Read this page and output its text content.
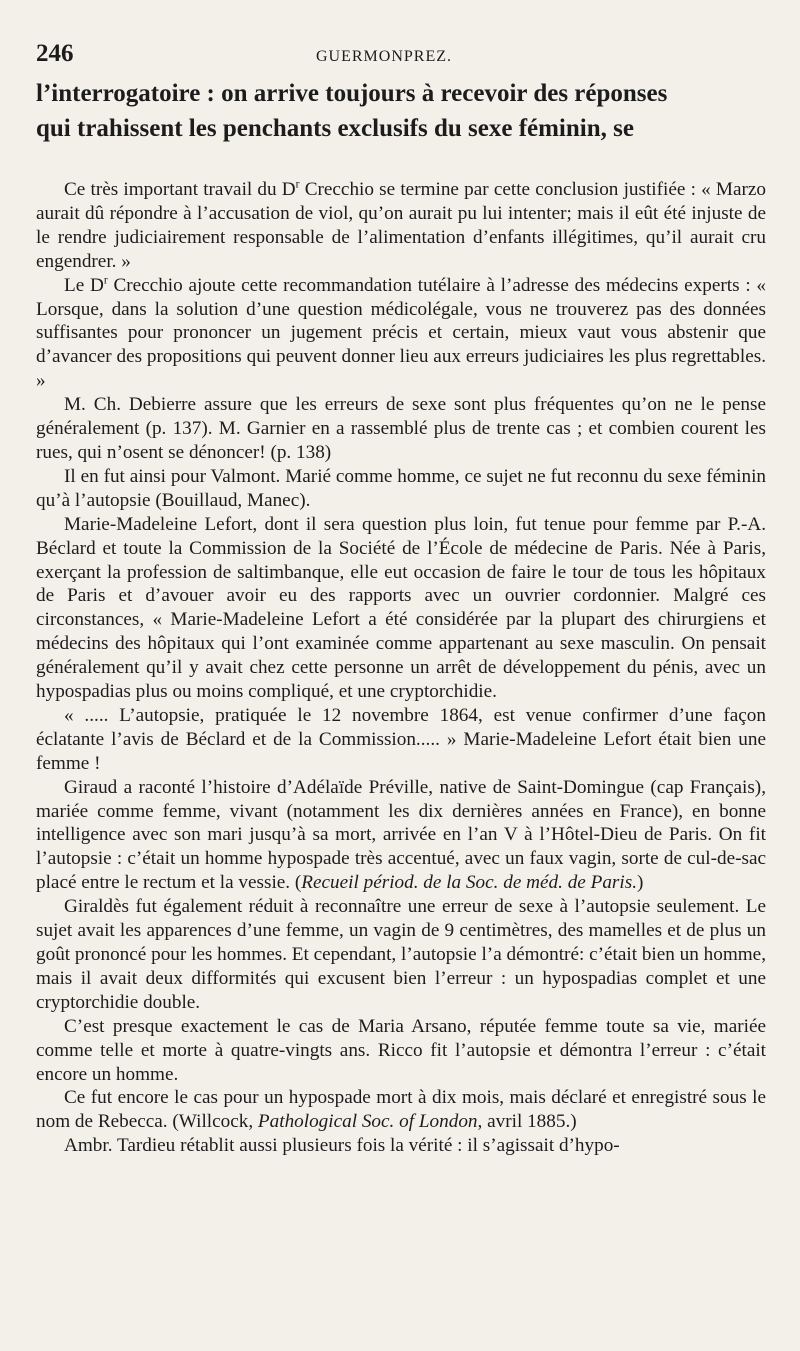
246	GUERMONPREZ.

l’interrogatoire : on arrive toujours à recevoir des réponses

qui trahissent les penchants exclusifs du sexe féminin, se

Ce très important travail du $D^r$ Crecchio se termine par cette conclusion justifiée : « Marzo aurait dû répondre à l’accusation de viol, qu’on aurait pu lui intenter; mais il eût été injuste de le rendre judiciairement responsable de l’alimentation d’enfants illégitimes, qu’il aurait cru engendrer. »

Le $D^r$ Crecchio ajoute cette recommandation tutélaire à l’adresse des médecins experts : « Lorsque, dans la solution d’une question médicolégale, vous ne trouverez pas des données suffisantes pour prononcer un jugement précis et certain, mieux vaut vous abstenir que d’avancer des propositions qui peuvent donner lieu aux erreurs judiciaires les plus regrettables. »

M. Ch. Debierre assure que les erreurs de sexe sont plus fréquentes qu’on ne le pense généralement (p. 137). M. Garnier en a rassemblé plus de trente cas ; et combien courent les rues, qui n’osent se dénoncer! (p. 138)

Il en fut ainsi pour Valmont. Marié comme homme, ce sujet ne fut reconnu du sexe féminin qu’à l’autopsie (Bouillaud, Manec).

Marie-Madeleine Lefort, dont il sera question plus loin, fut tenue pour femme par P.-A. Béclard et toute la Commission de la Société de l’École de médecine de Paris. Née à Paris, exerçant la profession de saltimbanque, elle eut occasion de faire le tour de tous les hôpitaux de Paris et d’avouer avoir eu des rapports avec un ouvrier cordonnier. Malgré ces circonstances, « Marie-Madeleine Lefort a été considérée par la plupart des chirurgiens et médecins des hôpitaux qui l’ont examinée comme appartenant au sexe masculin. On pensait généralement qu’il y avait chez cette personne un arrêt de développement du pénis, avec un hypospadias plus ou moins compliqué, et une cryptorchidie.

« ..... L’autopsie, pratiquée le 12 novembre 1864, est venue confirmer d’une façon éclatante l’avis de Béclard et de la Commission..... » Marie-Madeleine Lefort était bien une femme !

Giraud a raconté l’histoire d’Adélaïde Préville, native de Saint-Domingue (cap Français), mariée comme femme, vivant (notamment les dix dernières années en France), en bonne intelligence avec son mari jusqu’à sa mort, arrivée en l’an V à l’Hôtel-Dieu de Paris. On fit l’autopsie : c’était un homme hypospade très accentué, avec un faux vagin, sorte de cul-de-sac placé entre le rectum et la vessie. (Recueil périod. de la Soc. de méd. de Paris.)

Giraldès fut également réduit à reconnaître une erreur de sexe à l’autopsie seulement. Le sujet avait les apparences d’une femme, un vagin de 9 centimètres, des mamelles et de plus un goût prononcé pour les hommes. Et cependant, l’autopsie l’a démontré: c’était bien un homme, mais il avait deux difformités qui excusent bien l’erreur : un hypospadias complet et une cryptorchidie double.

C’est presque exactement le cas de Maria Arsano, réputée femme toute sa vie, mariée comme telle et morte à quatre-vingts ans. Ricco fit l’autopsie et démontra l’erreur : c’était encore un homme.

Ce fut encore le cas pour un hypospade mort à dix mois, mais déclaré et enregistré sous le nom de Rebecca. (Willcock, Pathological Soc. of London, avril 1885.)

Ambr. Tardieu rétablit aussi plusieurs fois la vérité : il s’agissait d’hypo-
